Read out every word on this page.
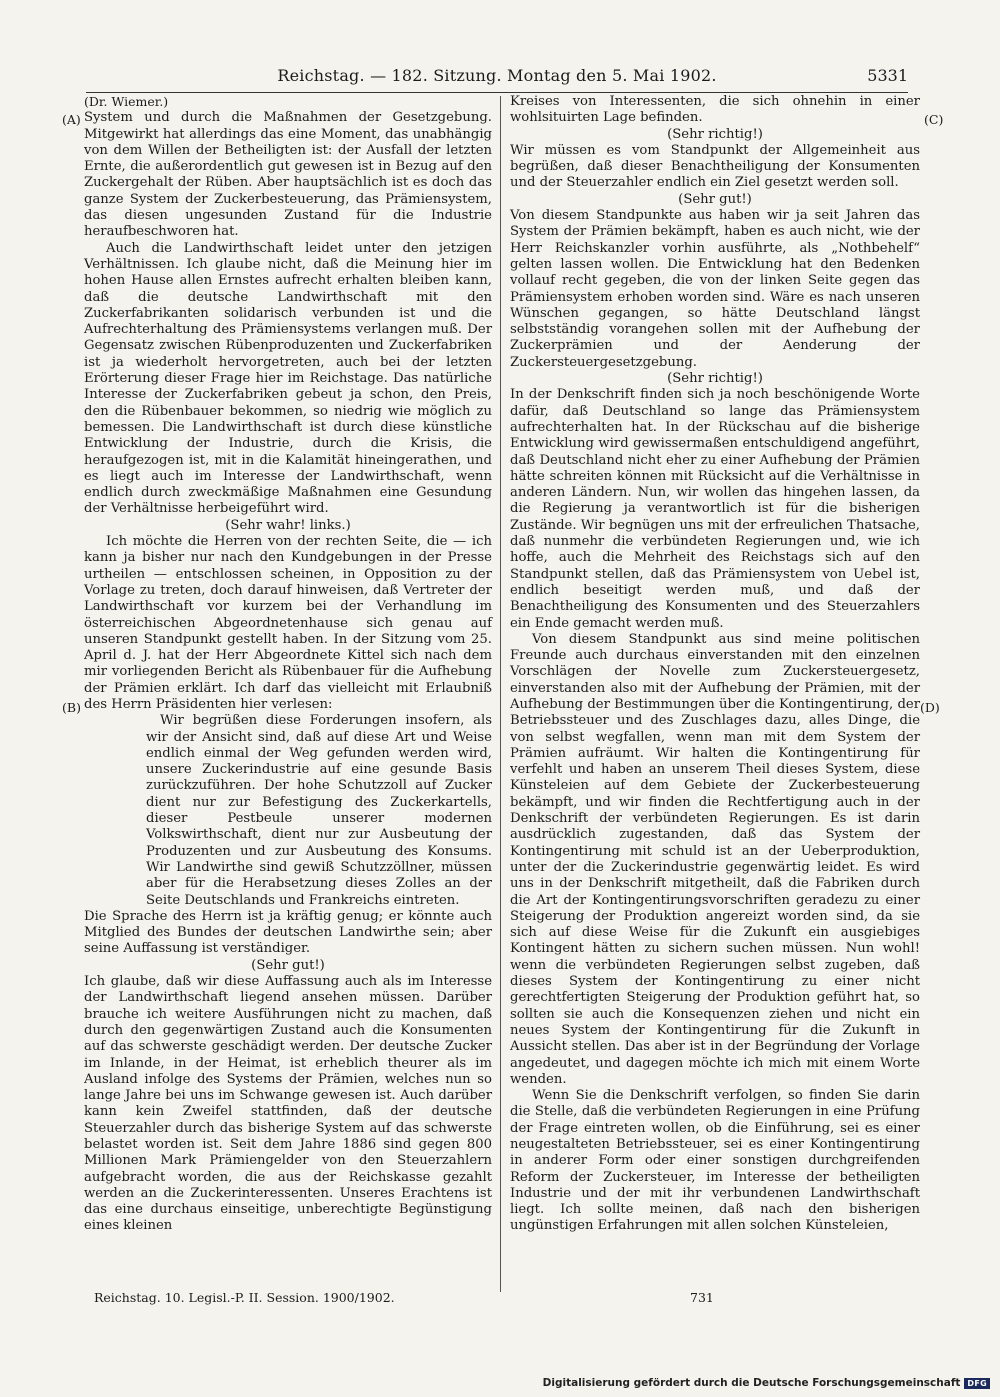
Reichstag. — 182. Sitzung. Montag den 5. Mai 1902.	5331
(A)
(B)
(C)
(D)

(Dr. Wiemer.)

System und durch die Maßnahmen der Gesetzgebung. Mitgewirkt hat allerdings das eine Moment, das unabhängig von dem Willen der Betheiligten ist: der Ausfall der letzten Ernte, die außerordentlich gut gewesen ist in Bezug auf den Zuckergehalt der Rüben. Aber hauptsächlich ist es doch das ganze System der Zuckerbesteuerung, das Prämiensystem, das diesen ungesunden Zustand für die Industrie heraufbeschworen hat.

Auch die Landwirthschaft leidet unter den jetzigen Verhältnissen. Ich glaube nicht, daß die Meinung hier im hohen Hause allen Ernstes aufrecht erhalten bleiben kann, daß die deutsche Landwirthschaft mit den Zuckerfabrikanten solidarisch verbunden ist und die Aufrechterhaltung des Prämiensystems verlangen muß. Der Gegensatz zwischen Rübenproduzenten und Zuckerfabriken ist ja wiederholt hervorgetreten, auch bei der letzten Erörterung dieser Frage hier im Reichstage. Das natürliche Interesse der Zuckerfabriken gebeut ja schon, den Preis, den die Rübenbauer bekommen, so niedrig wie möglich zu bemessen. Die Landwirthschaft ist durch diese künstliche Entwicklung der Industrie, durch die Krisis, die heraufgezogen ist, mit in die Kalamität hineingerathen, und es liegt auch im Interesse der Landwirthschaft, wenn endlich durch zweckmäßige Maßnahmen eine Gesundung der Verhältnisse herbeigeführt wird.

(Sehr wahr! links.)

Ich möchte die Herren von der rechten Seite, die — ich kann ja bisher nur nach den Kundgebungen in der Presse urtheilen — entschlossen scheinen, in Opposition zu der Vorlage zu treten, doch darauf hinweisen, daß Vertreter der Landwirthschaft vor kurzem bei der Verhandlung im österreichischen Abgeordnetenhause sich genau auf unseren Standpunkt gestellt haben. In der Sitzung vom 25. April d. J. hat der Herr Abgeordnete Kittel sich nach dem mir vorliegenden Bericht als Rübenbauer für die Aufhebung der Prämien erklärt. Ich darf das vielleicht mit Erlaubniß des Herrn Präsidenten hier verlesen:

Wir begrüßen diese Forderungen insofern, als wir der Ansicht sind, daß auf diese Art und Weise endlich einmal der Weg gefunden werden wird, unsere Zuckerindustrie auf eine gesunde Basis zurückzuführen. Der hohe Schutzzoll auf Zucker dient nur zur Befestigung des Zuckerkartells, dieser Pestbeule unserer modernen Volkswirthschaft, dient nur zur Ausbeutung der Produzenten und zur Ausbeutung des Konsums. Wir Landwirthe sind gewiß Schutzzöllner, müssen aber für die Herabsetzung dieses Zolles an der Seite Deutschlands und Frankreichs eintreten.

Die Sprache des Herrn ist ja kräftig genug; er könnte auch Mitglied des Bundes der deutschen Landwirthe sein; aber seine Auffassung ist verständiger.

(Sehr gut!)

Ich glaube, daß wir diese Auffassung auch als im Interesse der Landwirthschaft liegend ansehen müssen. Darüber brauche ich weitere Ausführungen nicht zu machen, daß durch den gegenwärtigen Zustand auch die Konsumenten auf das schwerste geschädigt werden. Der deutsche Zucker im Inlande, in der Heimat, ist erheblich theurer als im Ausland infolge des Systems der Prämien, welches nun so lange Jahre bei uns im Schwange gewesen ist. Auch darüber kann kein Zweifel stattfinden, daß der deutsche Steuerzahler durch das bisherige System auf das schwerste belastet worden ist. Seit dem Jahre 1886 sind gegen 800 Millionen Mark Prämiengelder von den Steuerzahlern aufgebracht worden, die aus der Reichskasse gezahlt werden an die Zuckerinteressenten. Unseres Erachtens ist das eine durchaus einseitige, unberechtigte Begünstigung eines kleinen

Kreises von Interessenten, die sich ohnehin in einer wohlsituirten Lage befinden.

(Sehr richtig!)

Wir müssen es vom Standpunkt der Allgemeinheit aus begrüßen, daß dieser Benachtheiligung der Konsumenten und der Steuerzahler endlich ein Ziel gesetzt werden soll.

(Sehr gut!)

Von diesem Standpunkte aus haben wir ja seit Jahren das System der Prämien bekämpft, haben es auch nicht, wie der Herr Reichskanzler vorhin ausführte, als „Nothbehelf“ gelten lassen wollen. Die Entwicklung hat den Bedenken vollauf recht gegeben, die von der linken Seite gegen das Prämiensystem erhoben worden sind. Wäre es nach unseren Wünschen gegangen, so hätte Deutschland längst selbstständig vorangehen sollen mit der Aufhebung der Zuckerprämien und der Aenderung der Zuckersteuergesetzgebung.

(Sehr richtig!)

In der Denkschrift finden sich ja noch beschönigende Worte dafür, daß Deutschland so lange das Prämiensystem aufrechterhalten hat. In der Rückschau auf die bisherige Entwicklung wird gewissermaßen entschuldigend angeführt, daß Deutschland nicht eher zu einer Aufhebung der Prämien hätte schreiten können mit Rücksicht auf die Verhältnisse in anderen Ländern. Nun, wir wollen das hingehen lassen, da die Regierung ja verantwortlich ist für die bisherigen Zustände. Wir begnügen uns mit der erfreulichen Thatsache, daß nunmehr die verbündeten Regierungen und, wie ich hoffe, auch die Mehrheit des Reichstags sich auf den Standpunkt stellen, daß das Prämiensystem von Uebel ist, endlich beseitigt werden muß, und daß der Benachtheiligung des Konsumenten und des Steuerzahlers ein Ende gemacht werden muß.

Von diesem Standpunkt aus sind meine politischen Freunde auch durchaus einverstanden mit den einzelnen Vorschlägen der Novelle zum Zuckersteuergesetz, einverstanden also mit der Aufhebung der Prämien, mit der Aufhebung der Bestimmungen über die Kontingentirung, der Betriebssteuer und des Zuschlages dazu, alles Dinge, die von selbst wegfallen, wenn man mit dem System der Prämien aufräumt. Wir halten die Kontingentirung für verfehlt und haben an unserem Theil dieses System, diese Künsteleien auf dem Gebiete der Zuckerbesteuerung bekämpft, und wir finden die Rechtfertigung auch in der Denkschrift der verbündeten Regierungen. Es ist darin ausdrücklich zugestanden, daß das System der Kontingentirung mit schuld ist an der Ueberproduktion, unter der die Zuckerindustrie gegenwärtig leidet. Es wird uns in der Denkschrift mitgetheilt, daß die Fabriken durch die Art der Kontingentirungsvorschriften geradezu zu einer Steigerung der Produktion angereizt worden sind, da sie sich auf diese Weise für die Zukunft ein ausgiebiges Kontingent hätten zu sichern suchen müssen. Nun wohl! wenn die verbündeten Regierungen selbst zugeben, daß dieses System der Kontingentirung zu einer nicht gerechtfertigten Steigerung der Produktion geführt hat, so sollten sie auch die Konsequenzen ziehen und nicht ein neues System der Kontingentirung für die Zukunft in Aussicht stellen. Das aber ist in der Begründung der Vorlage angedeutet, und dagegen möchte ich mich mit einem Worte wenden.

Wenn Sie die Denkschrift verfolgen, so finden Sie darin die Stelle, daß die verbündeten Regierungen in eine Prüfung der Frage eintreten wollen, ob die Einführung, sei es einer neugestalteten Betriebssteuer, sei es einer Kontingentirung in anderer Form oder einer sonstigen durchgreifenden Reform der Zuckersteuer, im Interesse der betheiligten Industrie und der mit ihr verbundenen Landwirthschaft liegt. Ich sollte meinen, daß nach den bisherigen ungünstigen Erfahrungen mit allen solchen Künsteleien,

Reichstag. 10. Legisl.-P. II. Session. 1900/1902.	731
Digitalisierung gefördert durch die Deutsche Forschungsgemeinschaft DFG
